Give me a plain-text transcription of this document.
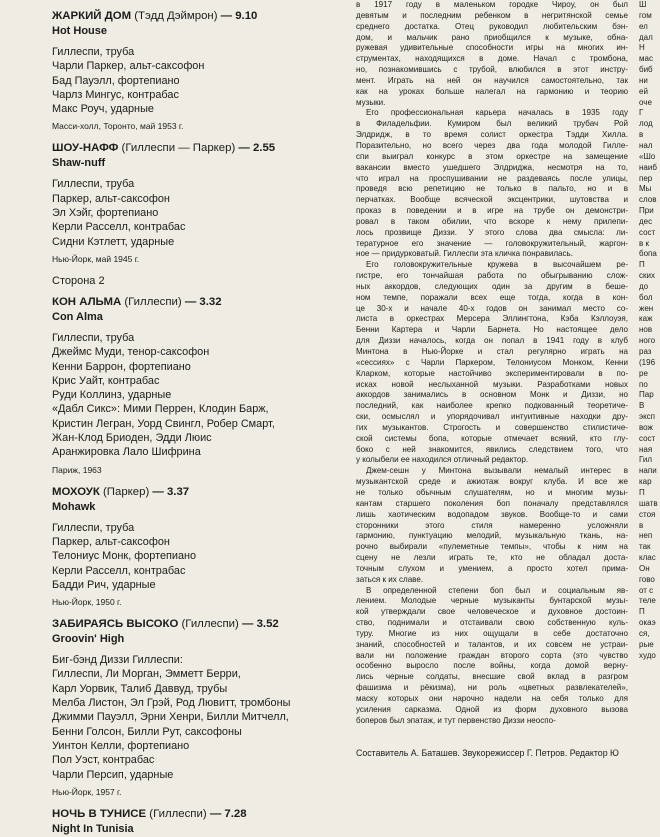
ЖАРКИЙ ДОМ (Тэдд Дэймрон) — 9.10

Hot House

Гиллеспи, труба

Чарли Паркер, альт-саксофон

Бад Пауэлл, фортепиано

Чарлз Мингус, контрабас

Макс Роуч, ударные

Масси-холл, Торонто, май 1953 г.

ШОУ-НАФФ (Гиллеспи — Паркер) — 2.55

Shaw-nuff

Гиллеспи, труба

Паркер, альт-саксофон

Эл Хэйг, фортепиано

Керли Расселл, контрабас

Сидни Кэтлетт, ударные

Нью-Йорк, май 1945 г.

Сторона 2

КОН АЛЬМА (Гиллеспи) — 3.32

Con Alma

Гиллеспи, труба

Джеймс Муди, тенор-саксофон

Кенни Баррон, фортепиано

Крис Уайт, контрабас

Руди Коллинз, ударные

«Дабл Сикс»: Мими Перрен, Клодин Барж,

Кристин Легран, Уорд Свингл, Робер Смарт,

Жан-Клод Бриоден, Эдди Люис

Аранжировка Лало Шифрина

Париж, 1963

МОХОУК (Паркер) — 3.37

Mohawk

Гиллеспи, труба

Паркер, альт-саксофон

Телониус Монк, фортепиано

Керли Расселл, контрабас

Бадди Рич, ударные

Нью-Йорк, 1950 г.

ЗАБИРАЯСЬ ВЫСОКО (Гиллеспи) — 3.52

Groovin' High

Биг-бэнд Диззи Гиллеспи:

Гиллеспи, Ли Морган, Эмметт Берри,

Карл Уорвик, Талиб Даввуд, трубы

Мелба Листон, Эл Грэй, Род Лювитт, тромбоны

Джимми Пауэлл, Эрни Хенри, Билли Митчелл,

Бенни Голсон, Билли Рут, саксофоны

Уинтон Келли, фортепиано

Пол Уэст, контрабас

Чарли Персип, ударные

Нью-Йорк, 1957 г.

НОЧЬ В ТУНИСЕ (Гиллеспи) — 7.28

Night In Tunisia

в 1917 году в маленьком городке Чироу, он был

девятым и последним ребенком в негритянской семье

среднего достатка. Отец руководил любительским бэн-

дом, и мальчик рано приобщился к музыке, обна-

ружевая удивительные способности игры на многих ин-

струментах, находящихся в доме. Начал с тромбона,

но, познакомившись с трубой, влюбился в этот инстру-

мент. Играть на ней он научился самостоятельно, так

как на уроках больше налегал на гармонию и теорию

музыки.

Его профессиональная карьера началась в 1935 году

в Филадельфии. Кумиром был великий трубач Рой

Элдридж, в то время солист оркестра Тэдди Хилла.

Поразительно, но всего через два года молодой Гилле-

спи выиграл конкурс в этом оркестре на замещение

вакансии вместо ушедшего Элдриджа, несмотря на то,

что играл на проспушивании не раздеваясь после улицы,

проведя всю репетицию не только в пальто, но и в

перчатках. Вообще всяческой эксцентрики, шутовства и

проказ в поведении и в игре на трубе он демонстри-

ровал в таком обилии, что вскоре к нему прилепи-

лось прозвище Диззи. У этого слова два смысла: ли-

тературное его значение — головокружительный, жаргон-

ное — придурковатый. Гиллеспи эта кличка понравилась.

Его головокружительные кружева в высочайшем ре-

гистре, его тончайшая работа по обыгрыванию слож-

ных аккордов, следующих один за другим в беше-

ном темпе, поражали всех еще тогда, когда в кон-

це 30-х и начале 40-х годов он занимал место со-

листа в оркестрах Мерсера Эллингтона, Кэба Кэллоуэя,

Бенни Картера и Чарли Барнета. Но настоящее дело

для Диззи началось, когда он попал в 1941 году в клуб

Минтона в Нью-Йорке и стал регулярно играть на

«сессиях» с Чарли Паркером, Телониусом Монком, Кенни

Кларком, которые настойчиво экспериментировали в по-

исках новой неслыханной музыки. Разработками новых

аккордов занимались в основном Монк и Диззи, но

последний, как наиболее крепко подкованный теоретиче-

ски, осмыслял и упорядочивал интуитивные находки дру-

гих музыкантов. Строгость и совершенство стилистиче-

ской системы бопа, которые отмечает всякий, кто глу-

боко с ней знакомится, явились следствием того, что

у колыбели ее находился отличный редактор.

Джем-сешн у Минтона вызывали немалый интерес в

музыкантской среде и ажиотаж вокруг клуба. И все же

не только обычным слушателям, но и многим музы-

кантам старшего поколения боп поначалу представлялся

лишь хаотическим водопадом звуков. Вообще-то и сами

сторонники этого стиля намеренно усложняли

гармонию, пунктуацию мелодий, музыкальную ткань, на-

рочно выбирали «пулеметные темпы», чтобы к ним на

сцену не лезли играть те, кто не обладал доста-

точным слухом и умением, а просто хотел прима-

заться к их славе.

В определенной степени боп был и социальным яв-

лением. Молодые черные музыканты бунтарской музы-

кой утверждали свое человеческое и духовное достоин-

ство, поднимали и отстаивали свою собственную куль-

туру. Многие из них ощущали в себе достаточно

знаний, способностей и талантов, и их совсем не устраи-

вали ни положение граждан второго сорта (это чувство

особенно выросло после войны, когда домой верну-

лись черные солдаты, внесшие свой вклад в разгром

фашизма и рёкизма), ни роль «цветных развлекателей»,

маску которых они нарочно надели на себя только для

усиления сарказма. Одной из форм духовного вызова

боперов был эпатаж, и тут первенство Диззи неоспо-

Составитель А. Баташев. Звукорежиссер Г. Петров. Редактор Ю
Ш
гом
ел
дал
Н
мас
биб
ни
ей
оче
Г
лод
в
нал
«Шо
наиб
пер
Мы
слов
При
дес
сост
в к
бопа
П
ских
до
бол
жен
каж
нов
ного
раз
(196
ре
по
Пар
В
эксп
вож
сост
ная
Гил
напи
кар
П
шатв
стоя
в
неп
так
клас
Он
гово
от с
теле
П
окаэ
ся,
рые
худо
